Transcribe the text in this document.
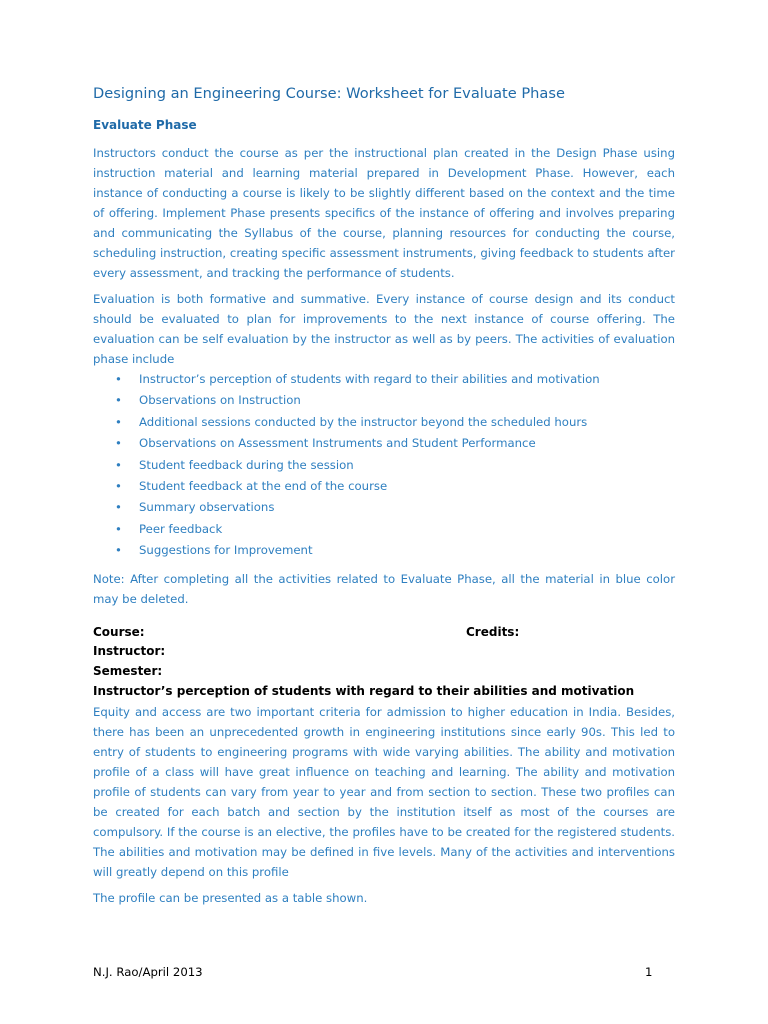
Designing an Engineering Course: Worksheet for Evaluate Phase
Evaluate Phase

Instructors conduct the course as per the instructional plan created in the Design Phase using instruction material and learning material prepared in Development Phase. However, each instance of conducting a course is likely to be slightly different based on the context and the time of offering. Implement Phase presents specifics of the instance of offering and involves preparing and communicating the Syllabus of the course, planning resources for conducting the course, scheduling instruction, creating specific assessment instruments, giving feedback to students after every assessment, and tracking the performance of students.

Evaluation is both formative and summative. Every instance of course design and its conduct should be evaluated to plan for improvements to the next instance of course offering. The evaluation can be self evaluation by the instructor as well as by peers. The activities of evaluation phase include

• Instructor’s perception of students with regard to their abilities and motivation
• Observations on Instruction
• Additional sessions conducted by the instructor beyond the scheduled hours
• Observations on Assessment Instruments and Student Performance
• Student feedback during the session
• Student feedback at the end of the course
• Summary observations
• Peer feedback
• Suggestions for Improvement

Note: After completing all the activities related to Evaluate Phase, all the material in blue color may be deleted.

Course:	Credits:
Instructor:
Semester:
Instructor’s perception of students with regard to their abilities and motivation

Equity and access are two important criteria for admission to higher education in India. Besides, there has been an unprecedented growth in engineering institutions since early 90s. This led to entry of students to engineering programs with wide varying abilities. The ability and motivation profile of a class will have great influence on teaching and learning. The ability and motivation profile of students can vary from year to year and from section to section. These two profiles can be created for each batch and section by the institution itself as most of the courses are compulsory. If the course is an elective, the profiles have to be created for the registered students. The abilities and motivation may be defined in five levels. Many of the activities and interventions will greatly depend on this profile

The profile can be presented as a table shown.

N.J. Rao/April 2013	1
